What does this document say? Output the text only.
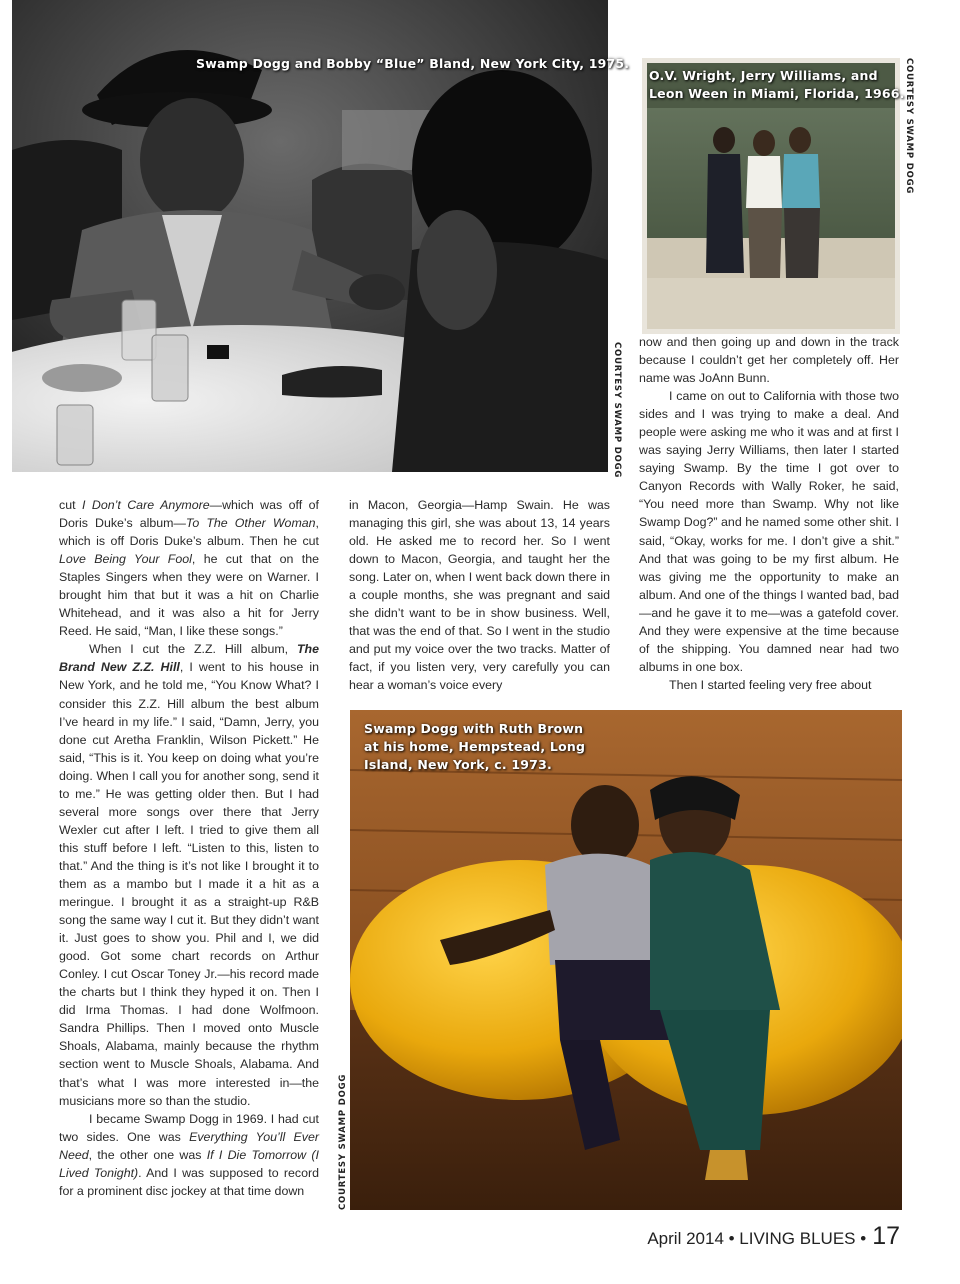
Swamp Dogg and Bobby “Blue” Bland, New York City, 1975.
COURTESY SWAMP DOGG
O.V. Wright, Jerry Williams, and
Leon Ween in Miami, Florida, 1966. COURTESY SWAMP DOGG

cut I Don’t Care Anymore—which was off of Doris Duke’s album—To The Other Woman, which is off Doris Duke’s album. Then he cut Love Being Your Fool, he cut that on the Staples Singers when they were on Warner. I brought him that but it was a hit on Charlie Whitehead, and it was also a hit for Jerry Reed. He said, “Man, I like these songs.”

When I cut the Z.Z. Hill album, The Brand New Z.Z. Hill, I went to his house in New York, and he told me, “You Know What? I consider this Z.Z. Hill album the best album I’ve heard in my life.” I said, “Damn, Jerry, you done cut Aretha Franklin, Wilson Pickett.” He said, “This is it. You keep on doing what you’re doing. When I call you for another song, send it to me.” He was getting older then. But I had several more songs over there that Jerry Wexler cut after I left. I tried to give them all this stuff before I left. “Listen to this, listen to that.” And the thing is it’s not like I brought it to them as a mambo but I made it a hit as a meringue. I brought it as a straight-up R&B song the same way I cut it. But they didn’t want it. Just goes to show you. Phil and I, we did good. Got some chart records on Arthur Conley. I cut Oscar Toney Jr.—his record made the charts but I think they hyped it on. Then I did Irma Thomas. I had done Wolfmoon. Sandra Phillips. Then I moved onto Muscle Shoals, Alabama, mainly because the rhythm section went to Muscle Shoals, Alabama. And that’s what I was more interested in—the musicians more so than the studio.

I became Swamp Dogg in 1969. I had cut two sides. One was Everything You’ll Ever Need, the other one was If I Die Tomorrow (I Lived Tonight). And I was supposed to record for a prominent disc jockey at that time down

in Macon, Georgia—Hamp Swain. He was managing this girl, she was about 13, 14 years old. He asked me to record her. So I went down to Macon, Georgia, and taught her the song. Later on, when I went back down there in a couple months, she was pregnant and said she didn’t want to be in show business. Well, that was the end of that. So I went in the studio and put my voice over the two tracks. Matter of fact, if you listen very, very carefully you can hear a woman’s voice every

now and then going up and down in the track because I couldn’t get her completely off. Her name was JoAnn Bunn.

I came on out to California with those two sides and I was trying to make a deal. And people were asking me who it was and at first I was saying Jerry Williams, then later I started saying Swamp. By the time I got over to Canyon Records with Wally Roker, he said, “You need more than Swamp. Why not like Swamp Dog?” and he named some other shit. I said, “Okay, works for me. I don’t give a shit.” And that was going to be my first album. He was giving me the opportunity to make an album. And one of the things I wanted bad, bad—and he gave it to me—was a gatefold cover. And they were expensive at the time because of the shipping. You damned near had two albums in one box.

Then I started feeling very free about

Swamp Dogg with Ruth Brown
at his home, Hempstead, Long
Island, New York, c. 1973.
COURTESY SWAMP DOGG
April 2014 • LIVING BLUES • 17
